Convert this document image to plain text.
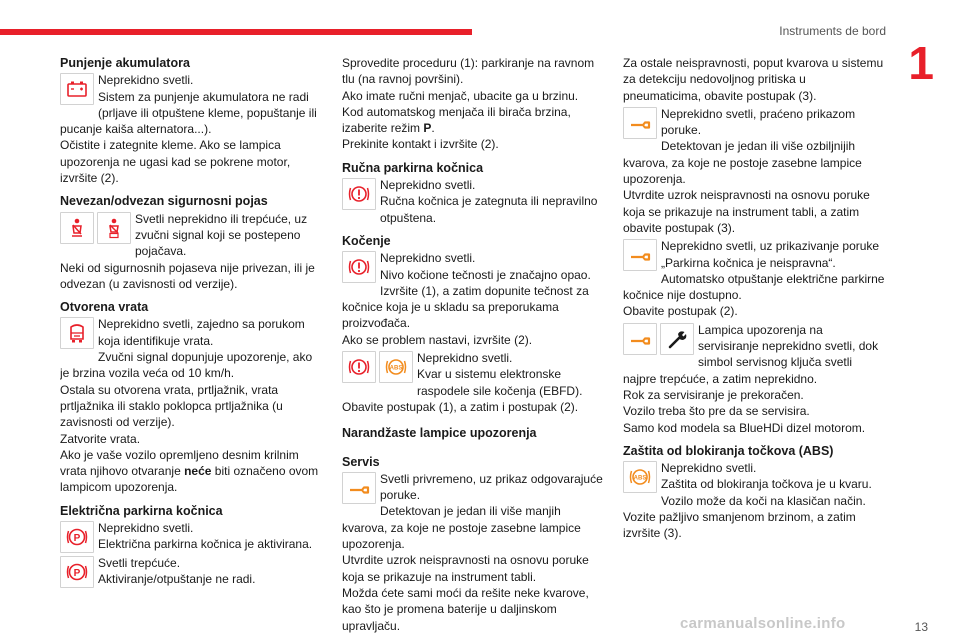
Instruments de bord
1
Punjenje akumulatora
Neprekidno svetli.
Sistem za punjenje akumulatora ne radi (prljave ili otpuštene kleme, popuštanje ili pucanje kaiša alternatora...).
Očistite i zategnite kleme. Ako se lampica upozorenja ne ugasi kad se pokrene motor, izvršite (2).
Nevezan/odvezan sigurnosni pojas
Svetli neprekidno ili trepćuće, uz zvučni signal koji se postepeno pojačava.
Neki od sigurnosnih pojaseva nije privezan, ili je odvezan (u zavisnosti od verzije).
Otvorena vrata
Neprekidno svetli, zajedno sa porukom koja identifikuje vrata.
Zvučni signal dopunjuje upozorenje, ako je brzina vozila veća od 10 km/h.
Ostala su otvorena vrata, prtljažnik, vrata prtljažnika ili staklo poklopca prtljažnika (u zavisnosti od verzije).
Zatvorite vrata.
Ako je vaše vozilo opremljeno desnim krilnim vrata njihovo otvaranje neće biti označeno ovom lampicom upozorenja.
Električna parkirna kočnica
P
Neprekidno svetli.
Električna parkirna kočnica je aktivirana.
P
Svetli trepćuće.
Aktiviranje/otpuštanje ne radi.
Sprovedite proceduru (1): parkiranje na ravnom tlu (na ravnoj površini).
Ako imate ručni menjač, ubacite ga u brzinu.
Kod automatskog menjača ili birača brzina, izaberite režim P.
Prekinite kontakt i izvršite (2).
Ručna parkirna kočnica
Neprekidno svetli.
Ručna kočnica je zategnuta ili nepravilno otpuštena.
Kočenje
Neprekidno svetli.
Nivo kočione tečnosti je značajno opao.
Izvršite (1), a zatim dopunite tečnost za kočnice koja je u skladu sa preporukama proizvođača.
Ako se problem nastavi, izvršite (2).
ABS
Neprekidno svetli.
Kvar u sistemu elektronske raspodele sile kočenja (EBFD).
Obavite postupak (1), a zatim i postupak (2).
Narandžaste lampice upozorenja
Servis
Svetli privremeno, uz prikaz odgovarajuće poruke.
Detektovan je jedan ili više manjih kvarova, za koje ne postoje zasebne lampice upozorenja.
Utvrdite uzrok neispravnosti na osnovu poruke koja se prikazuje na instrument tabli.
Možda ćete sami moći da rešite neke kvarove, kao što je promena baterije u daljinskom upravljaču.
Za ostale neispravnosti, poput kvarova u sistemu za detekciju nedovoljnog pritiska u pneumaticima, obavite postupak (3).
Neprekidno svetli, praćeno prikazom poruke.
Detektovan je jedan ili više ozbiljnijih kvarova, za koje ne postoje zasebne lampice upozorenja.
Utvrdite uzrok neispravnosti na osnovu poruke koja se prikazuje na instrument tabli, a zatim obavite postupak (3).
Neprekidno svetli, uz prikazivanje poruke „Parkirna kočnica je neispravna“.
Automatsko otpuštanje električne parkirne kočnice nije dostupno.
Obavite postupak (2).
Lampica upozorenja na servisiranje neprekidno svetli, dok simbol servisnog ključa svetli najpre trepćuće, a zatim neprekidno.
Rok za servisiranje je prekoračen.
Vozilo treba što pre da se servisira.
Samo kod modela sa BlueHDi dizel motorom.
Zaštita od blokiranja točkova (ABS)
ABS
Neprekidno svetli.
Zaštita od blokiranja točkova je u kvaru.
Vozilo može da koči na klasičan način.
Vozite pažljivo smanjenom brzinom, a zatim izvršite (3).
carmanualsonline.info	13
